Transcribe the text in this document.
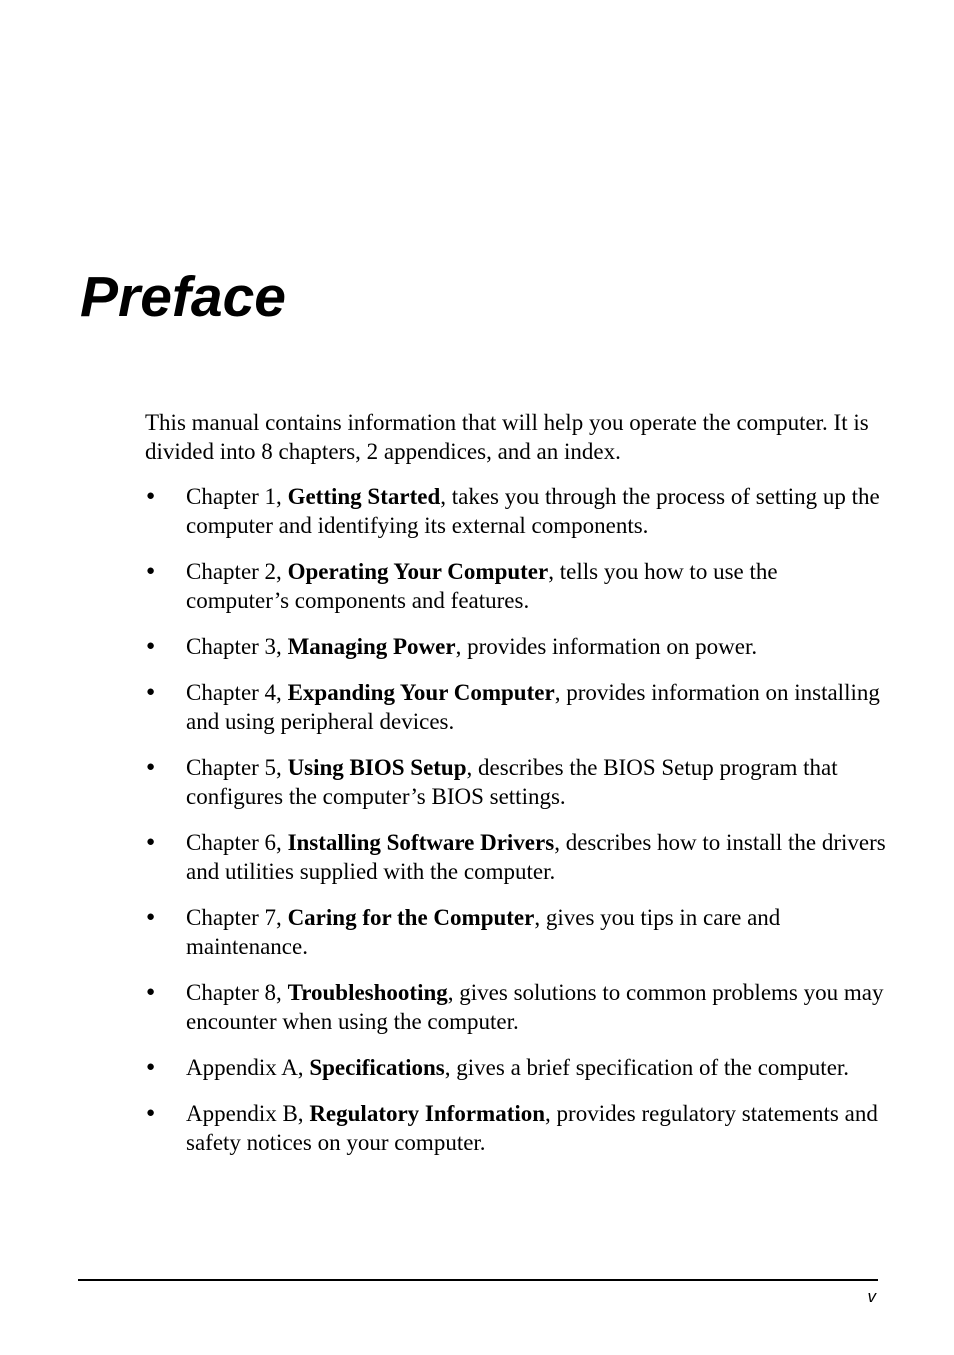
Preface

This manual contains information that will help you operate the computer. It is divided into 8 chapters, 2 appendices, and an index.

● Chapter 1, Getting Started, takes you through the process of setting up the computer and identifying its external components.
● Chapter 2, Operating Your Computer, tells you how to use the computer’s components and features.
● Chapter 3, Managing Power, provides information on power.
● Chapter 4, Expanding Your Computer, provides information on installing and using peripheral devices.
● Chapter 5, Using BIOS Setup, describes the BIOS Setup program that configures the computer’s BIOS settings.
● Chapter 6, Installing Software Drivers, describes how to install the drivers and utilities supplied with the computer.
● Chapter 7, Caring for the Computer, gives you tips in care and maintenance.
● Chapter 8, Troubleshooting, gives solutions to common problems you may encounter when using the computer.
● Appendix A, Specifications, gives a brief specification of the computer.
● Appendix B, Regulatory Information, provides regulatory statements and safety notices on your computer.
v
